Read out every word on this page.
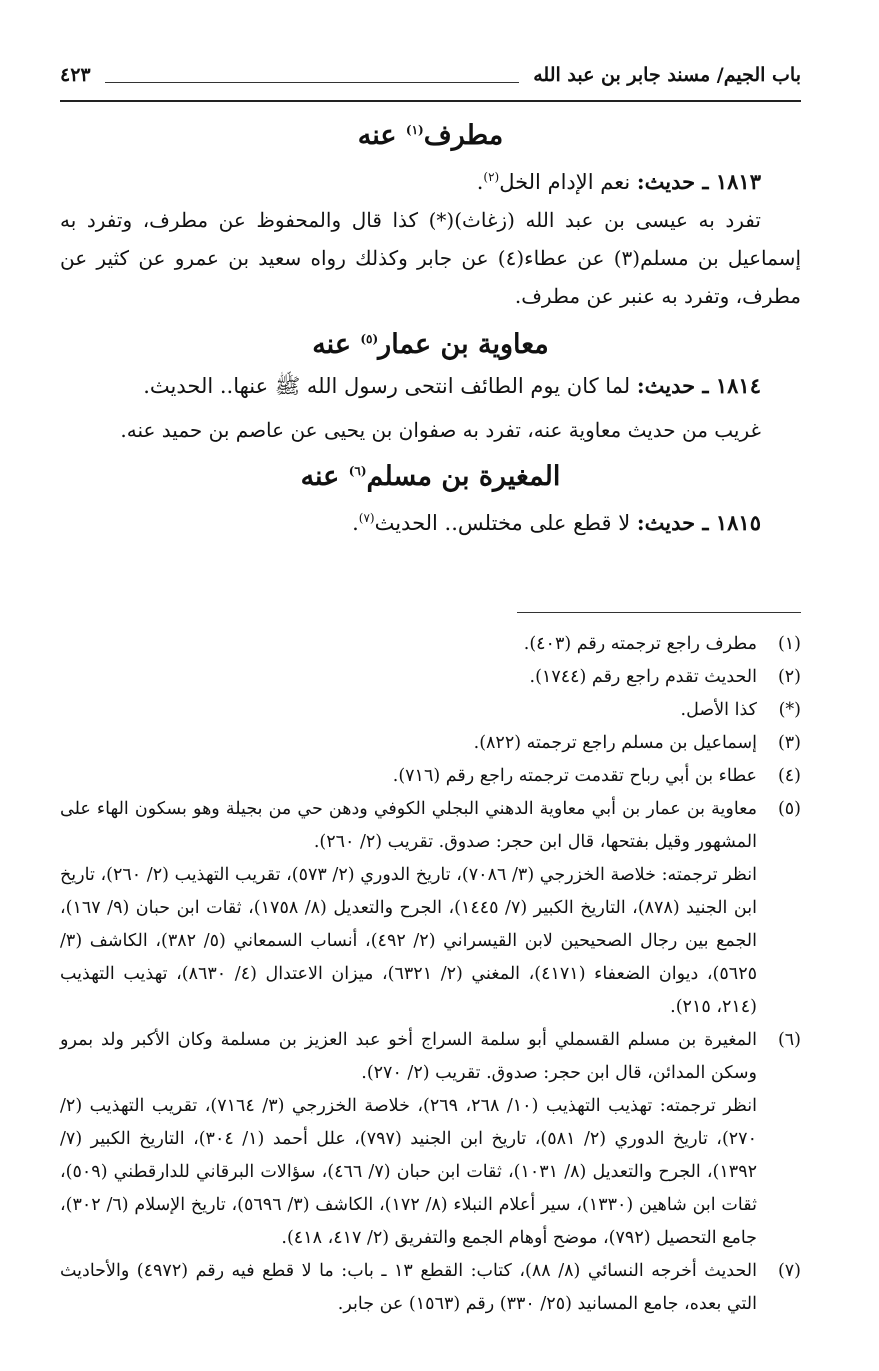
باب الجيم/ مسند جابر بن عبد الله
٤٢٣

مطرف$^{(١)}$ عنه

١٨١٣ ـ حديث: نعم الإدام الخل$^{(٢)}$.

تفرد به عيسى بن عبد الله (زغاث)(*) كذا قال والمحفوظ عن مطرف، وتفرد به إسماعيل بن مسلم(٣) عن عطاء(٤) عن جابر وكذلك رواه سعيد بن عمرو عن كثير عن مطرف، وتفرد به عنبر عن مطرف.

معاوية بن عمار$^{(٥)}$ عنه

١٨١٤ ـ حديث: لما كان يوم الطائف انتحى رسول الله ﷺ عنها.. الحديث.

غريب من حديث معاوية عنه، تفرد به صفوان بن يحيى عن عاصم بن حميد عنه.

المغيرة بن مسلم$^{(٦)}$ عنه

١٨١٥ ـ حديث: لا قطع على مختلس.. الحديث$^{(٧)}$.

(١)
مطرف راجع ترجمته رقم (٤٠٣).

(٢)
الحديث تقدم راجع رقم (١٧٤٤).

(*)
كذا الأصل.

(٣)
إسماعيل بن مسلم راجع ترجمته (٨٢٢).

(٤)
عطاء بن أبي رباح تقدمت ترجمته راجع رقم (٧١٦).

(٥)
معاوية بن عمار بن أبي معاوية الدهني البجلي الكوفي ودهن حي من بجيلة وهو بسكون الهاء على المشهور وقيل بفتحها، قال ابن حجر: صدوق. تقريب (٢/ ٢٦٠).

انظر ترجمته: خلاصة الخزرجي (٣/ ٧٠٨٦)، تاريخ الدوري (٢/ ٥٧٣)، تقريب التهذيب (٢/ ٢٦٠)، تاريخ ابن الجنيد (٨٧٨)، التاريخ الكبير (٧/ ١٤٤٥)، الجرح والتعديل (٨/ ١٧٥٨)، ثقات ابن حبان (٩/ ١٦٧)، الجمع بين رجال الصحيحين لابن القيسراني (٢/ ٤٩٢)، أنساب السمعاني (٥/ ٣٨٢)، الكاشف (٣/ ٥٦٢٥)، ديوان الضعفاء (٤١٧١)، المغني (٢/ ٦٣٢١)، ميزان الاعتدال (٤/ ٨٦٣٠)، تهذيب التهذيب (٢١٤، ٢١٥).

(٦)
المغيرة بن مسلم القسملي أبو سلمة السراج أخو عبد العزيز بن مسلمة وكان الأكبر ولد بمرو وسكن المدائن، قال ابن حجر: صدوق. تقريب (٢/ ٢٧٠).

انظر ترجمته: تهذيب التهذيب (١٠/ ٢٦٨، ٢٦٩)، خلاصة الخزرجي (٣/ ٧١٦٤)، تقريب التهذيب (٢/ ٢٧٠)، تاريخ الدوري (٢/ ٥٨١)، تاريخ ابن الجنيد (٧٩٧)، علل أحمد (١/ ٣٠٤)، التاريخ الكبير (٧/ ١٣٩٢)، الجرح والتعديل (٨/ ١٠٣١)، ثقات ابن حبان (٧/ ٤٦٦)، سؤالات البرقاني للدارقطني (٥٠٩)، ثقات ابن شاهين (١٣٣٠)، سير أعلام النبلاء (٨/ ١٧٢)، الكاشف (٣/ ٥٦٩٦)، تاريخ الإسلام (٦/ ٣٠٢)، جامع التحصيل (٧٩٢)، موضح أوهام الجمع والتفريق (٢/ ٤١٧، ٤١٨).

(٧)
الحديث أخرجه النسائي (٨/ ٨٨)، كتاب: القطع ١٣ ـ باب: ما لا قطع فيه رقم (٤٩٧٢) والأحاديث التي بعده، جامع المسانيد (٢٥/ ٣٣٠) رقم (١٥٦٣) عن جابر.
